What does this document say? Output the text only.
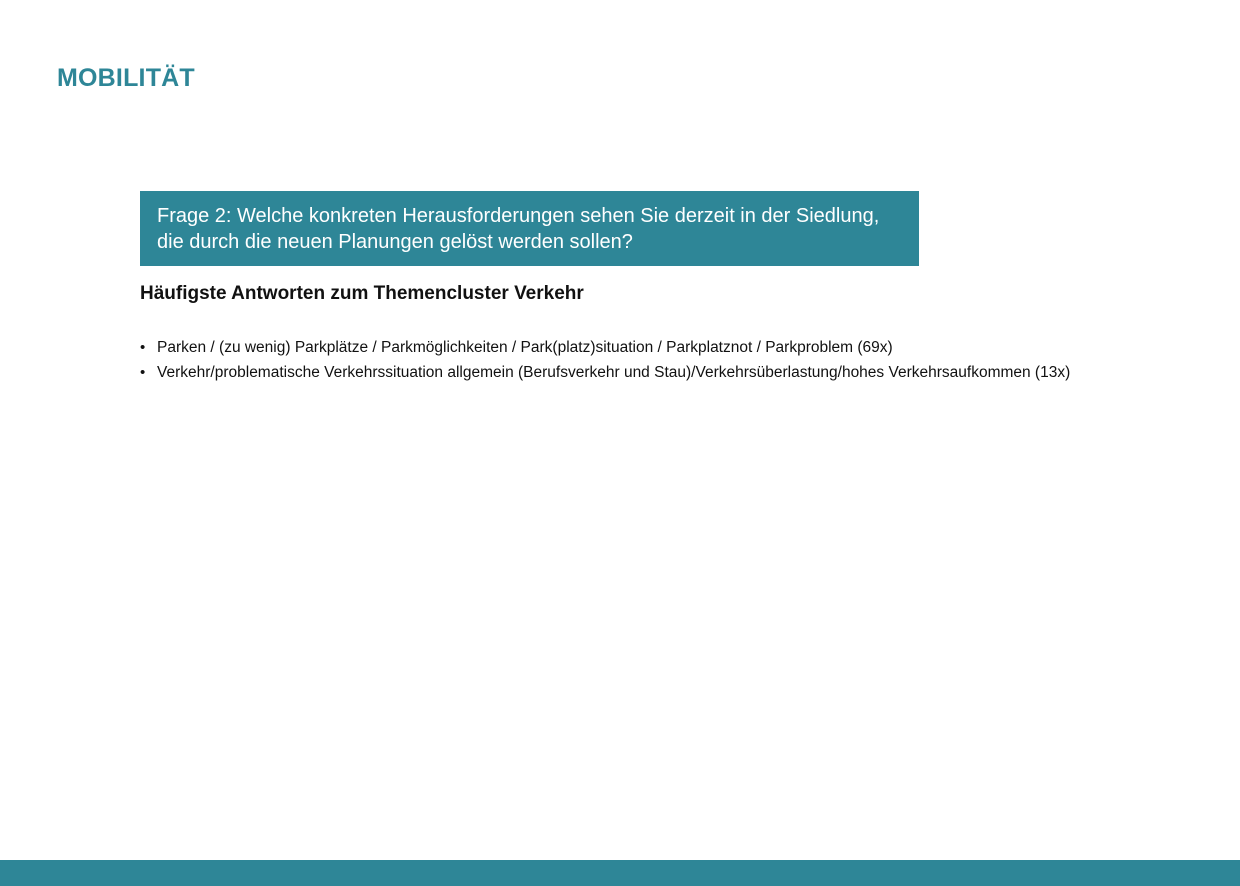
MOBILITÄT
Frage 2: Welche konkreten Herausforderungen sehen Sie derzeit in der Siedlung,
die durch die neuen Planungen gelöst werden sollen?
Häufigste Antworten zum Themencluster Verkehr
• Parken / (zu wenig) Parkplätze / Parkmöglichkeiten / Park(platz)situation / Parkplatznot / Parkproblem (69x)
• Verkehr/problematische Verkehrssituation allgemein (Berufsverkehr und Stau)/Verkehrsüberlastung/hohes Verkehrsaufkommen (13x)
